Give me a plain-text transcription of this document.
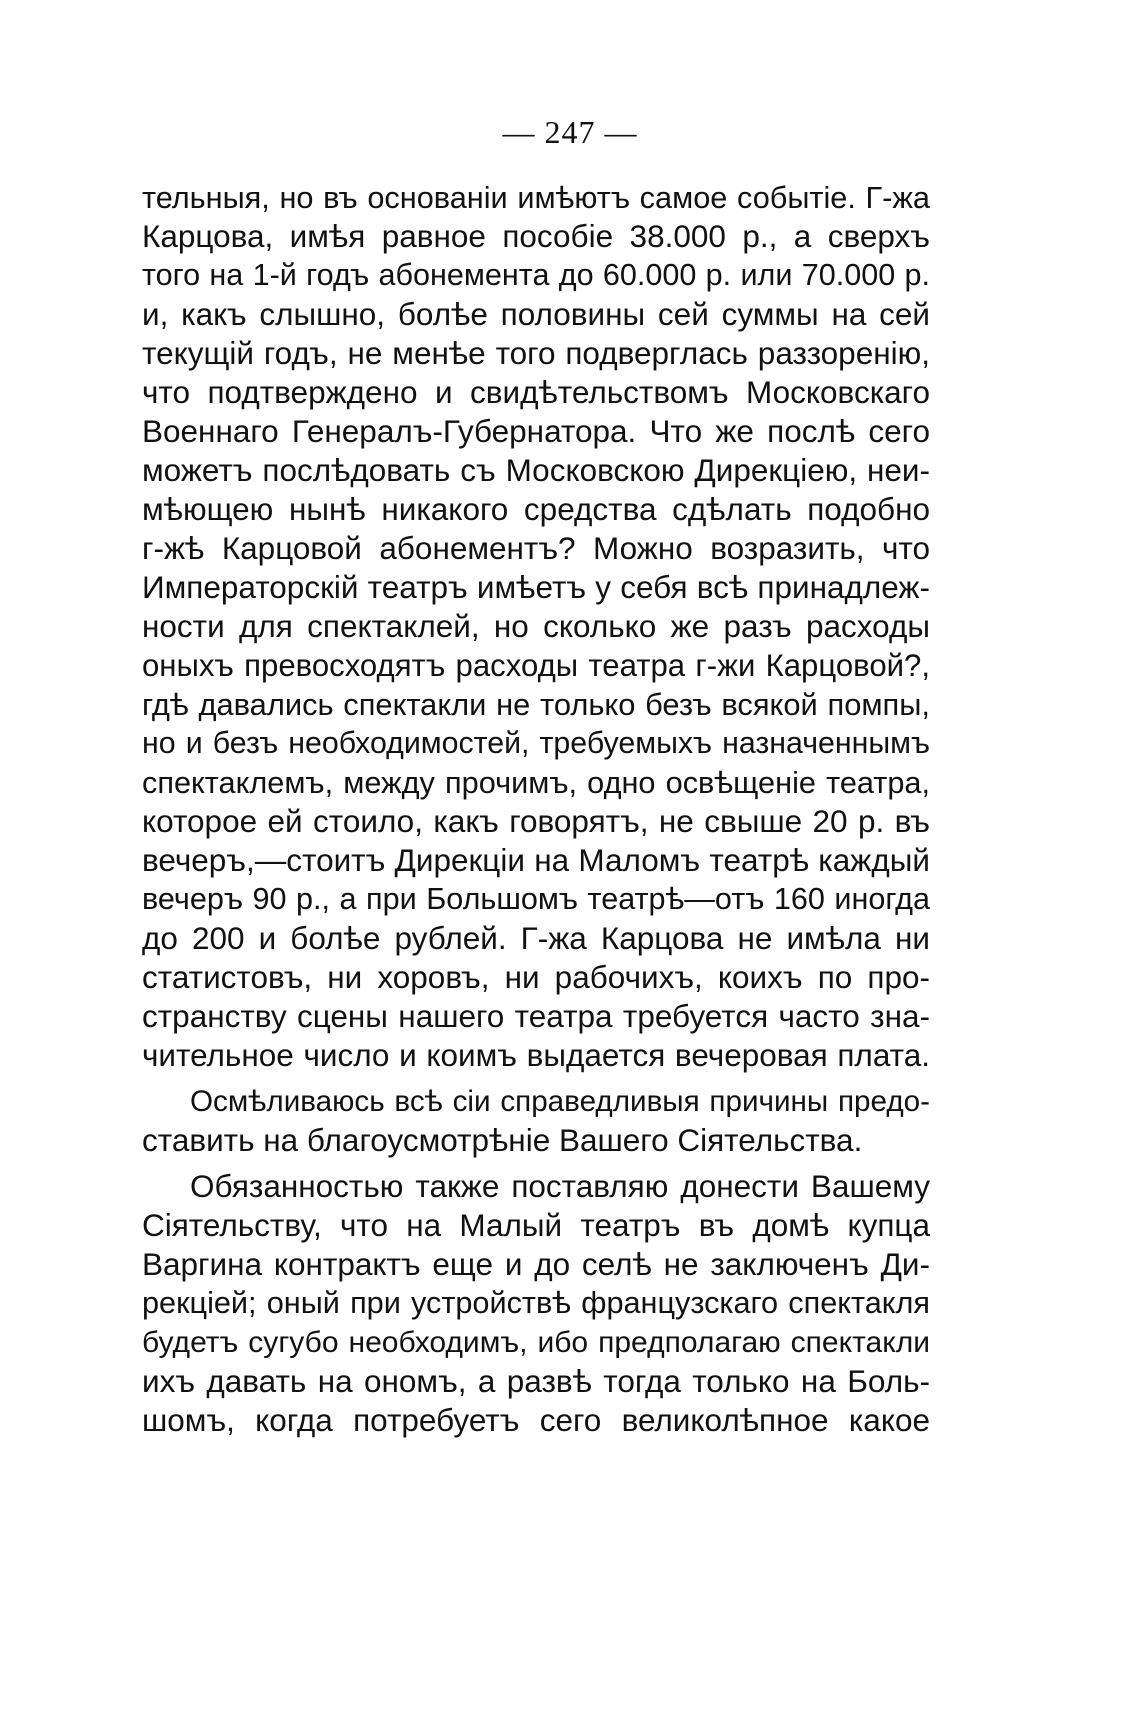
— 247 —
тельныя, но въ основанiи имѣютъ самое событiе. Г-жа
Карцова, имѣя равное пособiе 38.000 р., а сверхъ
того на 1-й годъ абонемента до 60.000 р. или 70.000 р.
и, какъ слышно, болѣе половины сей суммы на сей
текущiй годъ, не менѣе того подверглась раззоренiю,
что подтверждено и свидѣтельствомъ Московскаго
Военнаго Генералъ-Губернатора. Что же послѣ сего
можетъ послѣдовать съ Московскою Дирекцiею, неи-
мѣющею нынѣ никакого средства сдѣлать подобно
г-жѣ Карцовой абонементъ? Можно возразить, что
Императорскiй театръ имѣетъ у себя всѣ принадлеж-
ности для спектаклей, но сколько же разъ расходы
оныхъ превосходятъ расходы театра г-жи Карцовой?,
гдѣ давались спектакли не только безъ всякой помпы,
но и безъ необходимостей, требуемыхъ назначеннымъ
спектаклемъ, между прочимъ, одно освѣщенiе театра,
которое ей стоило, какъ говорятъ, не свыше 20 р. въ
вечеръ,—стоитъ Дирекцiи на Маломъ театрѣ каждый
вечеръ 90 р., а при Большомъ театрѣ—отъ 160 иногда
до 200 и болѣе рублей. Г-жа Карцова не имѣла ни
статистовъ, ни хоровъ, ни рабочихъ, коихъ по про-
странству сцены нашего театра требуется часто зна-
чительное число и коимъ выдается вечеровая плата.
Осмѣливаюсь всѣ сiи справедливыя причины предо-
ставить на благоусмотрѣнiе Вашего Сiятельства.
Обязанностью также поставляю донести Вашему
Сiятельству, что на Малый театръ въ домѣ купца
Варгина контрактъ еще и до селѣ не заключенъ Ди-
рекцiей; оный при устройствѣ французскаго спектакля
будетъ сугубо необходимъ, ибо предполагаю спектакли
ихъ давать на ономъ, а развѣ тогда только на Боль-
шомъ, когда потребуетъ сего великолѣпное какое
